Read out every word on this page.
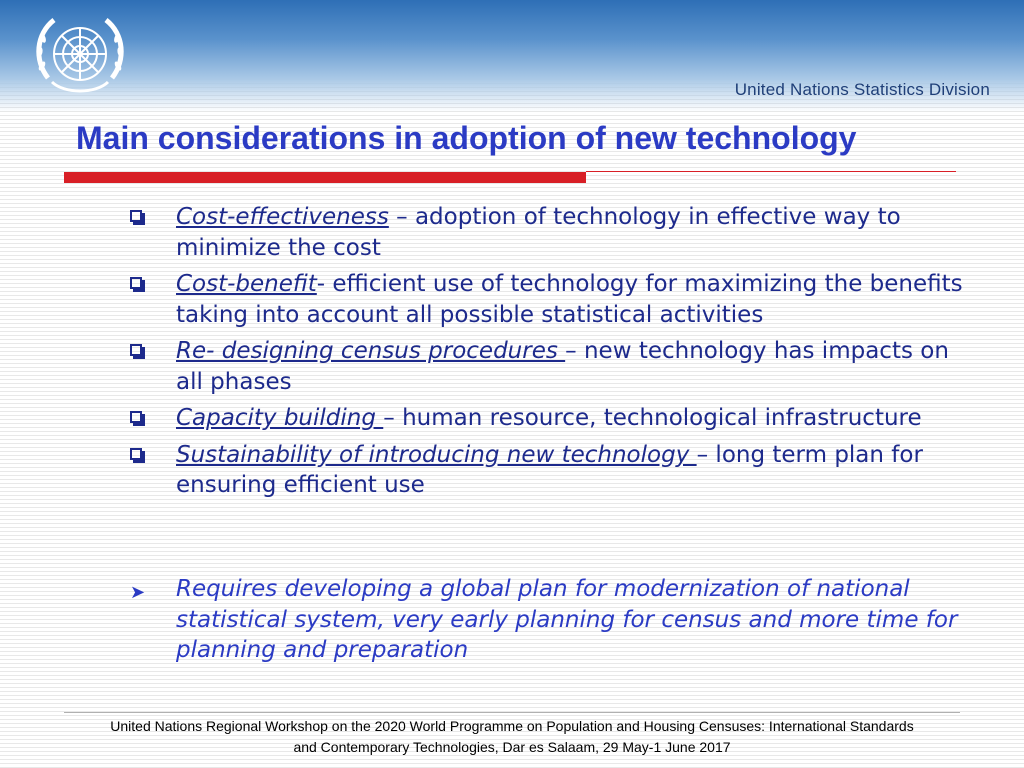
United Nations Statistics Division
Main considerations in adoption of new technology
Cost-effectiveness – adoption of technology in effective way to minimize the cost
Cost-benefit- efficient use of technology for maximizing the benefits taking into account all possible statistical activities
Re- designing census procedures – new technology has impacts on all phases
Capacity building – human resource, technological infrastructure
Sustainability of introducing new technology – long term plan for ensuring efficient use
➤ Requires developing a global plan for modernization of national statistical system, very early planning for census and more time for planning and preparation
United Nations Regional Workshop on the 2020 World Programme on Population and Housing Censuses: International Standards
and Contemporary Technologies, Dar es Salaam, 29 May-1 June 2017
